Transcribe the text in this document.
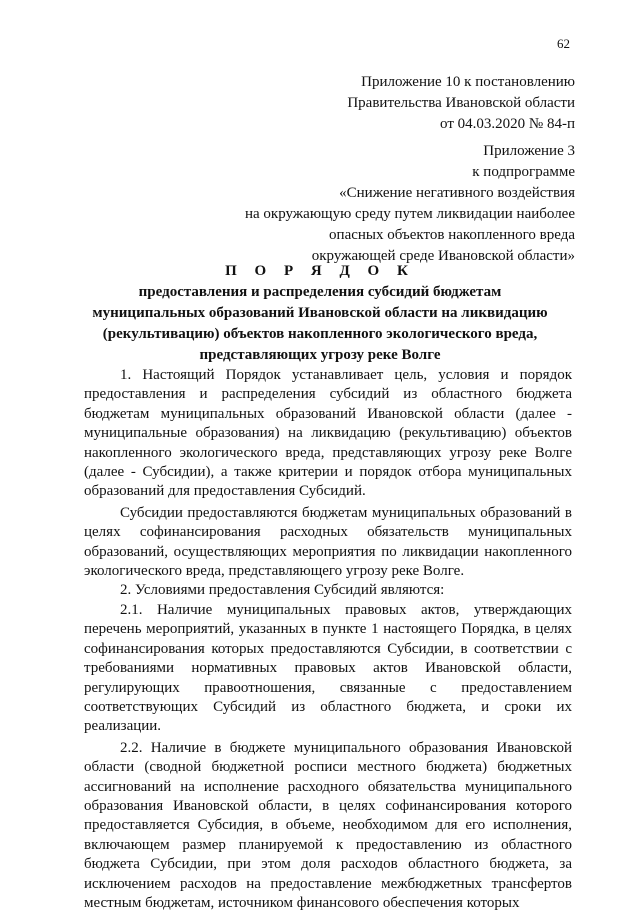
62
Приложение 10 к постановлению
Правительства Ивановской области
от 04.03.2020 № 84-п
Приложение 3
к подпрограмме
«Снижение негативного воздействия
на окружающую среду путем ликвидации наиболее
опасных объектов накопленного вреда
окружающей среде Ивановской области»
П О Р Я Д О К
предоставления и распределения субсидий бюджетам
муниципальных образований Ивановской области на ликвидацию
(рекультивацию) объектов накопленного экологического вреда,
представляющих угрозу реке Волге

1. Настоящий Порядок устанавливает цель, условия и порядок предоставления и распределения субсидий из областного бюджета бюджетам муниципальных образований Ивановской области (далее - муниципальные образования) на ликвидацию (рекультивацию) объектов накопленного экологического вреда, представляющих угрозу реке Волге (далее - Субсидии), а также критерии и порядок отбора муниципальных образований для предоставления Субсидий.

Субсидии предоставляются бюджетам муниципальных образований в целях софинансирования расходных обязательств муниципальных образований, осуществляющих мероприятия по ликвидации накопленного экологического вреда, представляющего угрозу реке Волге.

2. Условиями предоставления Субсидий являются:

2.1. Наличие муниципальных правовых актов, утверждающих перечень мероприятий, указанных в пункте 1 настоящего Порядка, в целях софинансирования которых предоставляются Субсидии, в соответствии с требованиями нормативных правовых актов Ивановской области, регулирующих правоотношения, связанные с предоставлением соответствующих Субсидий из областного бюджета, и сроки их реализации.

2.2. Наличие в бюджете муниципального образования Ивановской области (сводной бюджетной росписи местного бюджета) бюджетных ассигнований на исполнение расходного обязательства муниципального образования Ивановской области, в целях софинансирования которого предоставляется Субсидия, в объеме, необходимом для его исполнения, включающем размер планируемой к предоставлению из областного бюджета Субсидии, при этом доля расходов областного бюджета, за исключением расходов на предоставление межбюджетных трансфертов местным бюджетам, источником финансового обеспечения которых
